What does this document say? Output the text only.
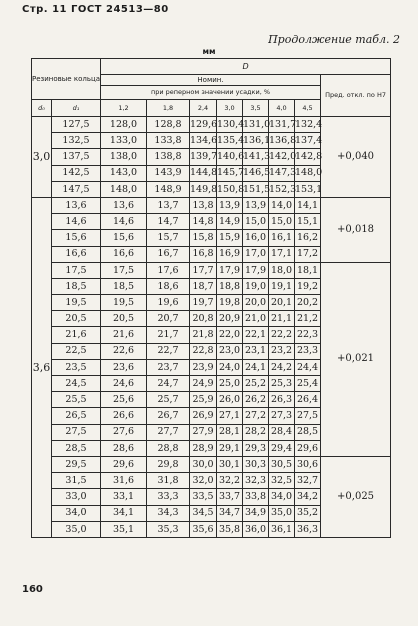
Стр. 11 ГОСТ 24513—80
Продолжение табл. 2
мм
Резиновые кольца		D							
		Номин.							Пред. откл. по Н7
		при реперном значении усадки, %							
d₀	d₁	1,2	1,8	2,4	3,0	3,5	4,0	4,5	
3,0	127,5	128,0	128,8	129,6	130,4	131,0	131,7	132,4	+0,040
	132,5	133,0	133,8	134,6	135,4	136,1	136,8	137,4	
	137,5	138,0	138,8	139,7	140,6	141,3	142,0	142,8	
	142,5	143,0	143,9	144,8	145,7	146,5	147,3	148,0	
	147,5	148,0	148,9	149,8	150,8	151,5	152,3	153,1	
3,6	13,6	13,6	13,7	13,8	13,9	13,9	14,0	14,1	+0,018
	14,6	14,6	14,7	14,8	14,9	15,0	15,0	15,1	
	15,6	15,6	15,7	15,8	15,9	16,0	16,1	16,2	
	16,6	16,6	16,7	16,8	16,9	17,0	17,1	17,2	
	17,5	17,5	17,6	17,7	17,9	17,9	18,0	18,1	+0,021
	18,5	18,5	18,6	18,7	18,8	19,0	19,1	19,2	
	19,5	19,5	19,6	19,7	19,8	20,0	20,1	20,2	
	20,5	20,5	20,7	20,8	20,9	21,0	21,1	21,2	
	21,6	21,6	21,7	21,8	22,0	22,1	22,2	22,3	
	22,5	22,6	22,7	22,8	23,0	23,1	23,2	23,3	
	23,5	23,6	23,7	23,9	24,0	24,1	24,2	24,4	
	24,5	24,6	24,7	24,9	25,0	25,2	25,3	25,4	
	25,5	25,6	25,7	25,9	26,0	26,2	26,3	26,4	
	26,5	26,6	26,7	26,9	27,1	27,2	27,3	27,5	
	27,5	27,6	27,7	27,9	28,1	28,2	28,4	28,5	
	28,5	28,6	28,8	28,9	29,1	29,3	29,4	29,6	
	29,5	29,6	29,8	30,0	30,1	30,3	30,5	30,6	+0,025
	31,5	31,6	31,8	32,0	32,2	32,3	32,5	32,7	
	33,0	33,1	33,3	33,5	33,7	33,8	34,0	34,2	
	34,0	34,1	34,3	34,5	34,7	34,9	35,0	35,2	
	35,0	35,1	35,3	35,6	35,8	36,0	36,1	36,3	
160
